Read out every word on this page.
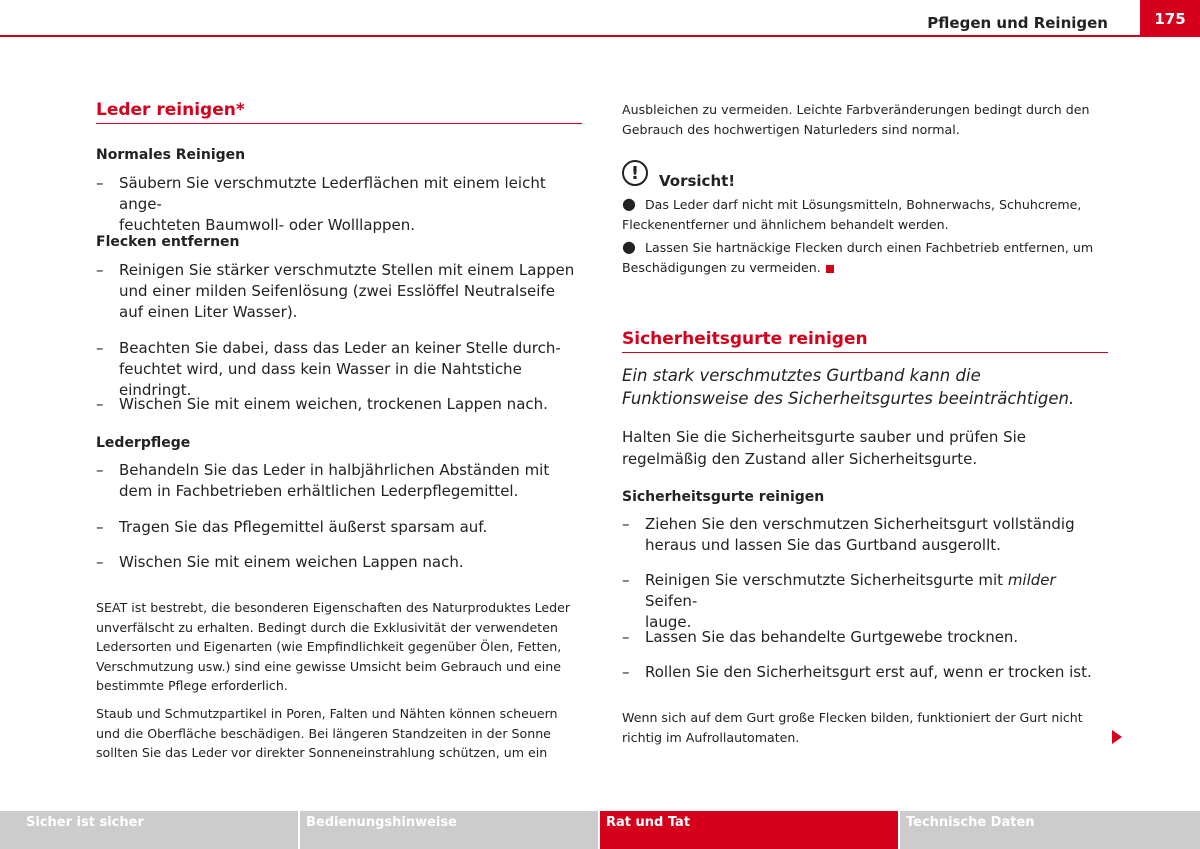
Pflegen und Reinigen	175
Leder reinigen*
Normales Reinigen
– Säubern Sie verschmutzte Lederflächen mit einem leicht ange-
feuchteten Baumwoll- oder Wolllappen.
Flecken entfernen
– Reinigen Sie stärker verschmutzte Stellen mit einem Lappen und einer milden Seifenlösung (zwei Esslöffel Neutralseife auf einen Liter Wasser).
– Beachten Sie dabei, dass das Leder an keiner Stelle durch-
feuchtet wird, und dass kein Wasser in die Nahtstiche eindringt.
– Wischen Sie mit einem weichen, trockenen Lappen nach.
Lederpflege
– Behandeln Sie das Leder in halbjährlichen Abständen mit dem in Fachbetrieben erhältlichen Lederpflegemittel.
– Tragen Sie das Pflegemittel äußerst sparsam auf.
– Wischen Sie mit einem weichen Lappen nach.
SEAT ist bestrebt, die besonderen Eigenschaften des Naturproduktes Leder unverfälscht zu erhalten. Bedingt durch die Exklusivität der verwendeten Ledersorten und Eigenarten (wie Empfindlichkeit gegenüber Ölen, Fetten, Verschmutzung usw.) sind eine gewisse Umsicht beim Gebrauch und eine bestimmte Pflege erforderlich.
Staub und Schmutzpartikel in Poren, Falten und Nähten können scheuern und die Oberfläche beschädigen. Bei längeren Standzeiten in der Sonne sollten Sie das Leder vor direkter Sonneneinstrahlung schützen, um ein
Ausbleichen zu vermeiden. Leichte Farbveränderungen bedingt durch den Gebrauch des hochwertigen Naturleders sind normal.
!	Vorsicht!
● Das Leder darf nicht mit Lösungsmitteln, Bohnerwachs, Schuhcreme, Fleckenentferner und ähnlichem behandelt werden.
● Lassen Sie hartnäckige Flecken durch einen Fachbetrieb entfernen, um Beschädigungen zu vermeiden.
Sicherheitsgurte reinigen
Ein stark verschmutztes Gurtband kann die Funktionsweise des Sicherheitsgurtes beeinträchtigen.
Halten Sie die Sicherheitsgurte sauber und prüfen Sie regelmäßig den Zustand aller Sicherheitsgurte.
Sicherheitsgurte reinigen
– Ziehen Sie den verschmutzen Sicherheitsgurt vollständig heraus und lassen Sie das Gurtband ausgerollt.
– Reinigen Sie verschmutzte Sicherheitsgurte mit milder Seifen-
lauge.
– Lassen Sie das behandelte Gurtgewebe trocknen.
– Rollen Sie den Sicherheitsgurt erst auf, wenn er trocken ist.
Wenn sich auf dem Gurt große Flecken bilden, funktioniert der Gurt nicht richtig im Aufrollautomaten.
Sicher ist sicher	Bedienungshinweise	Rat und Tat	Technische Daten
